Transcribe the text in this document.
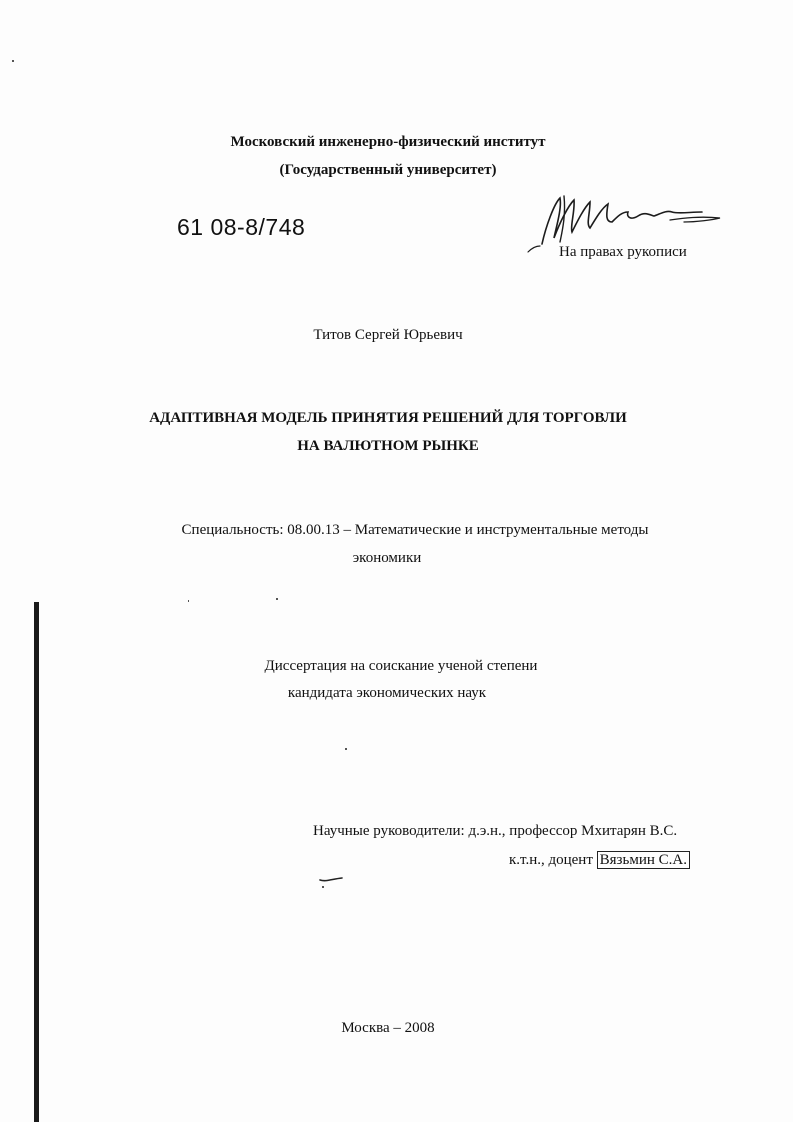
Московский инженерно-физический институт
(Государственный университет)
61 08-8/748
На правах рукописи
Титов Сергей Юрьевич
АДАПТИВНАЯ МОДЕЛЬ ПРИНЯТИЯ РЕШЕНИЙ ДЛЯ ТОРГОВЛИ
НА ВАЛЮТНОМ РЫНКЕ
Специальность: 08.00.13 – Математические и инструментальные методы
экономики
Диссертация на соискание ученой степени
кандидата экономических наук
Научные руководители: д.э.н., профессор Мхитарян В.С.
к.т.н., доцент Вязьмин С.А.
Москва – 2008
